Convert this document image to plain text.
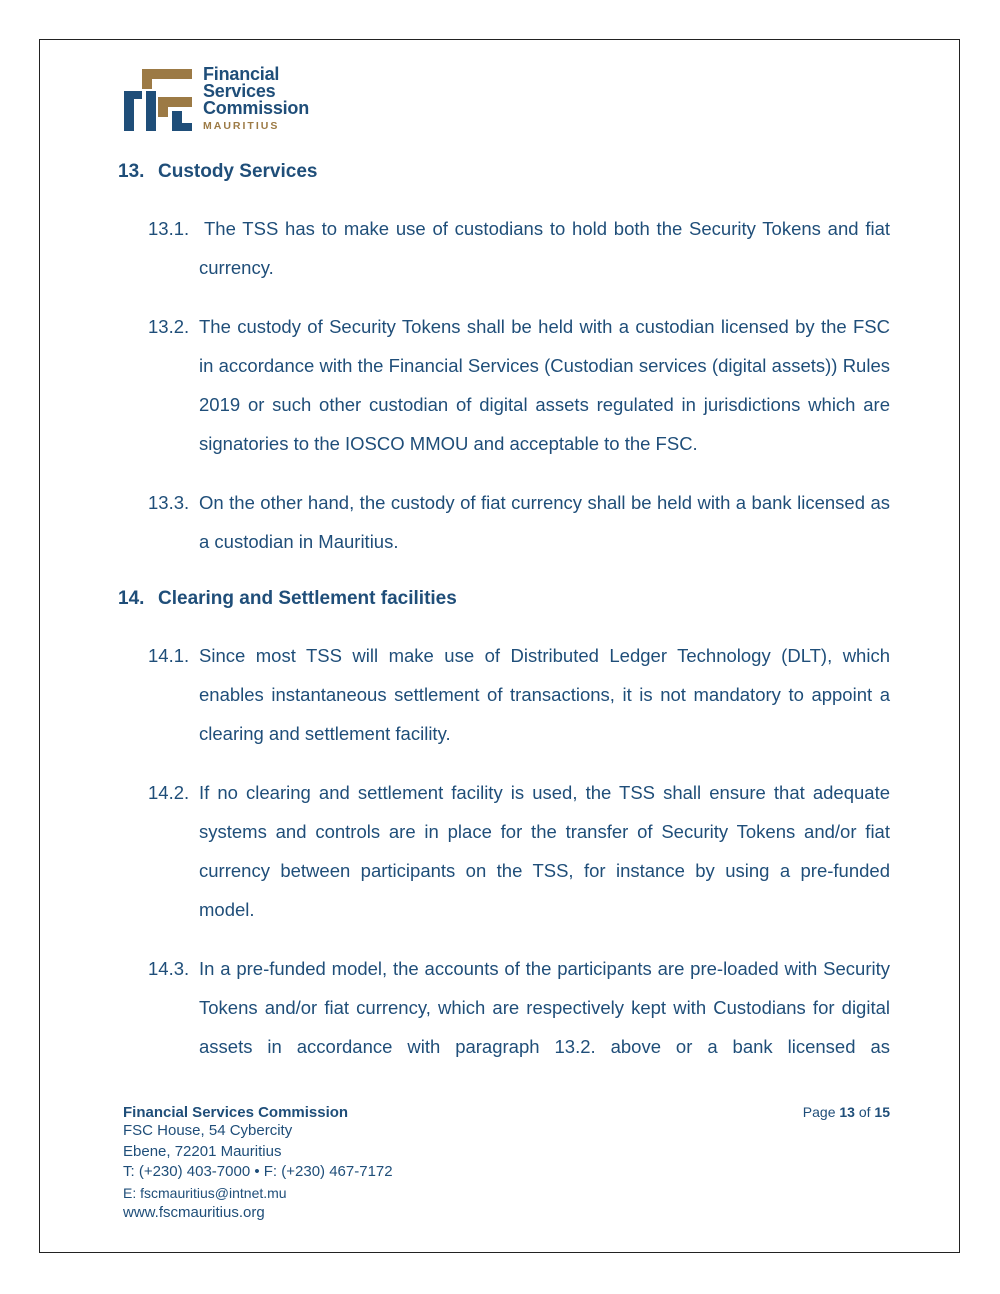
Financial
Services
Commission
MAURITIUS
13. Custody Services
13.1. The TSS has to make use of custodians to hold both the Security Tokens and fiat currency.
13.2. The custody of Security Tokens shall be held with a custodian licensed by the FSC in accordance with the Financial Services (Custodian services (digital assets)) Rules 2019 or such other custodian of digital assets regulated in jurisdictions which are signatories to the IOSCO MMOU and acceptable to the FSC.
13.3. On the other hand, the custody of fiat currency shall be held with a bank licensed as a custodian in Mauritius.
14. Clearing and Settlement facilities
14.1. Since most TSS will make use of Distributed Ledger Technology (DLT), which enables instantaneous settlement of transactions, it is not mandatory to appoint a clearing and settlement facility.
14.2. If no clearing and settlement facility is used, the TSS shall ensure that adequate systems and controls are in place for the transfer of Security Tokens and/or fiat currency between participants on the TSS, for instance by using a pre-funded model.
14.3. In a pre-funded model, the accounts of the participants are pre-loaded with Security Tokens and/or fiat currency, which are respectively kept with Custodians for digital assets in accordance with paragraph 13.2. above or a bank licensed as
Financial Services Commission
FSC House, 54 Cybercity
Ebene, 72201 Mauritius
T: (+230) 403-7000 • F: (+230) 467-7172
E: fscmauritius@intnet.mu
www.fscmauritius.org
Page 13 of 15
